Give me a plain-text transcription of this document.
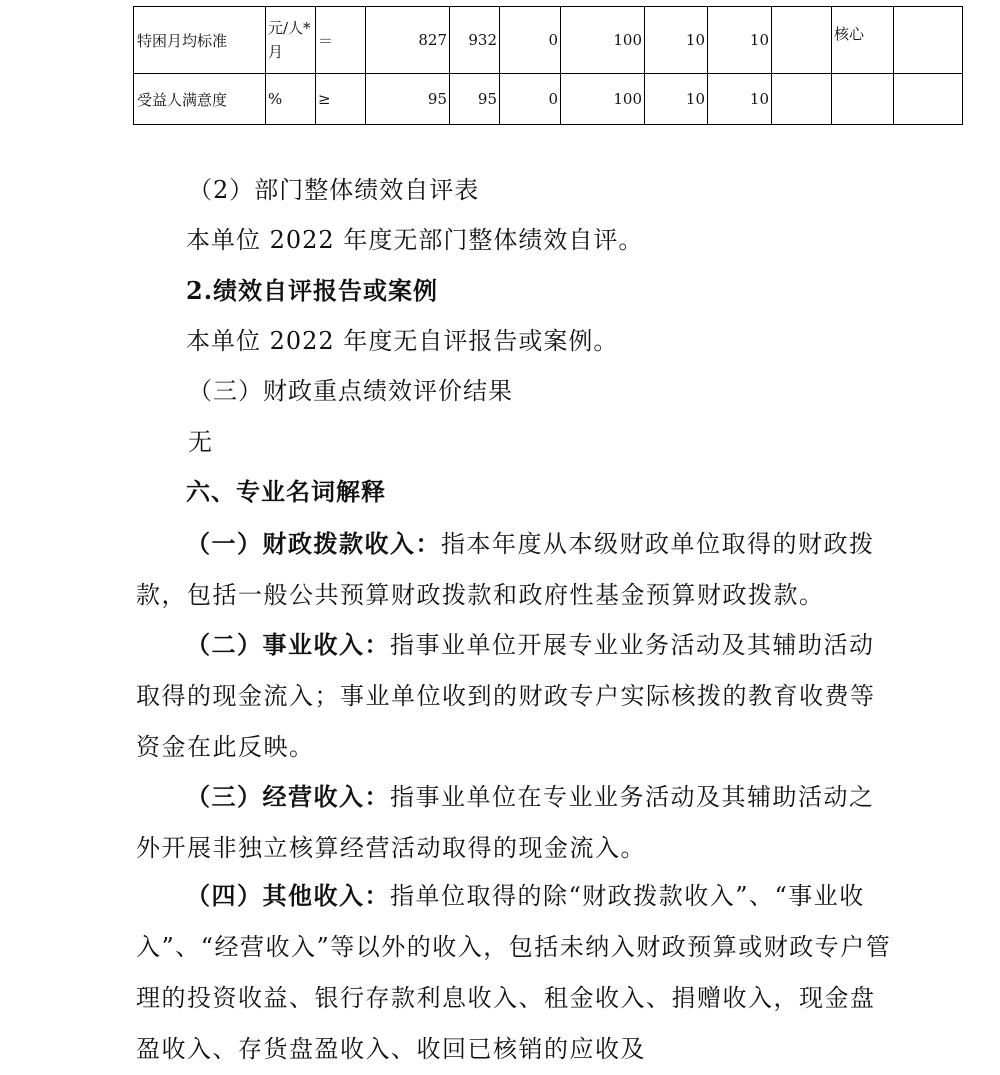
特困月均标准	元/人*月	＝	827	932	0	100	10	10		核心	
受益人满意度	%	≥	95	95	0	100	10	10			
（2）部门整体绩效自评表
本单位 2022 年度无部门整体绩效自评。
2.绩效自评报告或案例
本单位 2022 年度无自评报告或案例。
（三）财政重点绩效评价结果
无
六、专业名词解释
（一）财政拨款收入：指本年度从本级财政单位取得的财政拨款，包括一般公共预算财政拨款和政府性基金预算财政拨款。
（二）事业收入：指事业单位开展专业业务活动及其辅助活动取得的现金流入；事业单位收到的财政专户实际核拨的教育收费等资金在此反映。
（三）经营收入：指事业单位在专业业务活动及其辅助活动之外开展非独立核算经营活动取得的现金流入。
（四）其他收入：指单位取得的除“财政拨款收入”、“事业收入”、“经营收入”等以外的收入，包括未纳入财政预算或财政专户管理的投资收益、银行存款利息收入、租金收入、捐赠收入，现金盘盈收入、存货盘盈收入、收回已核销的应收及
